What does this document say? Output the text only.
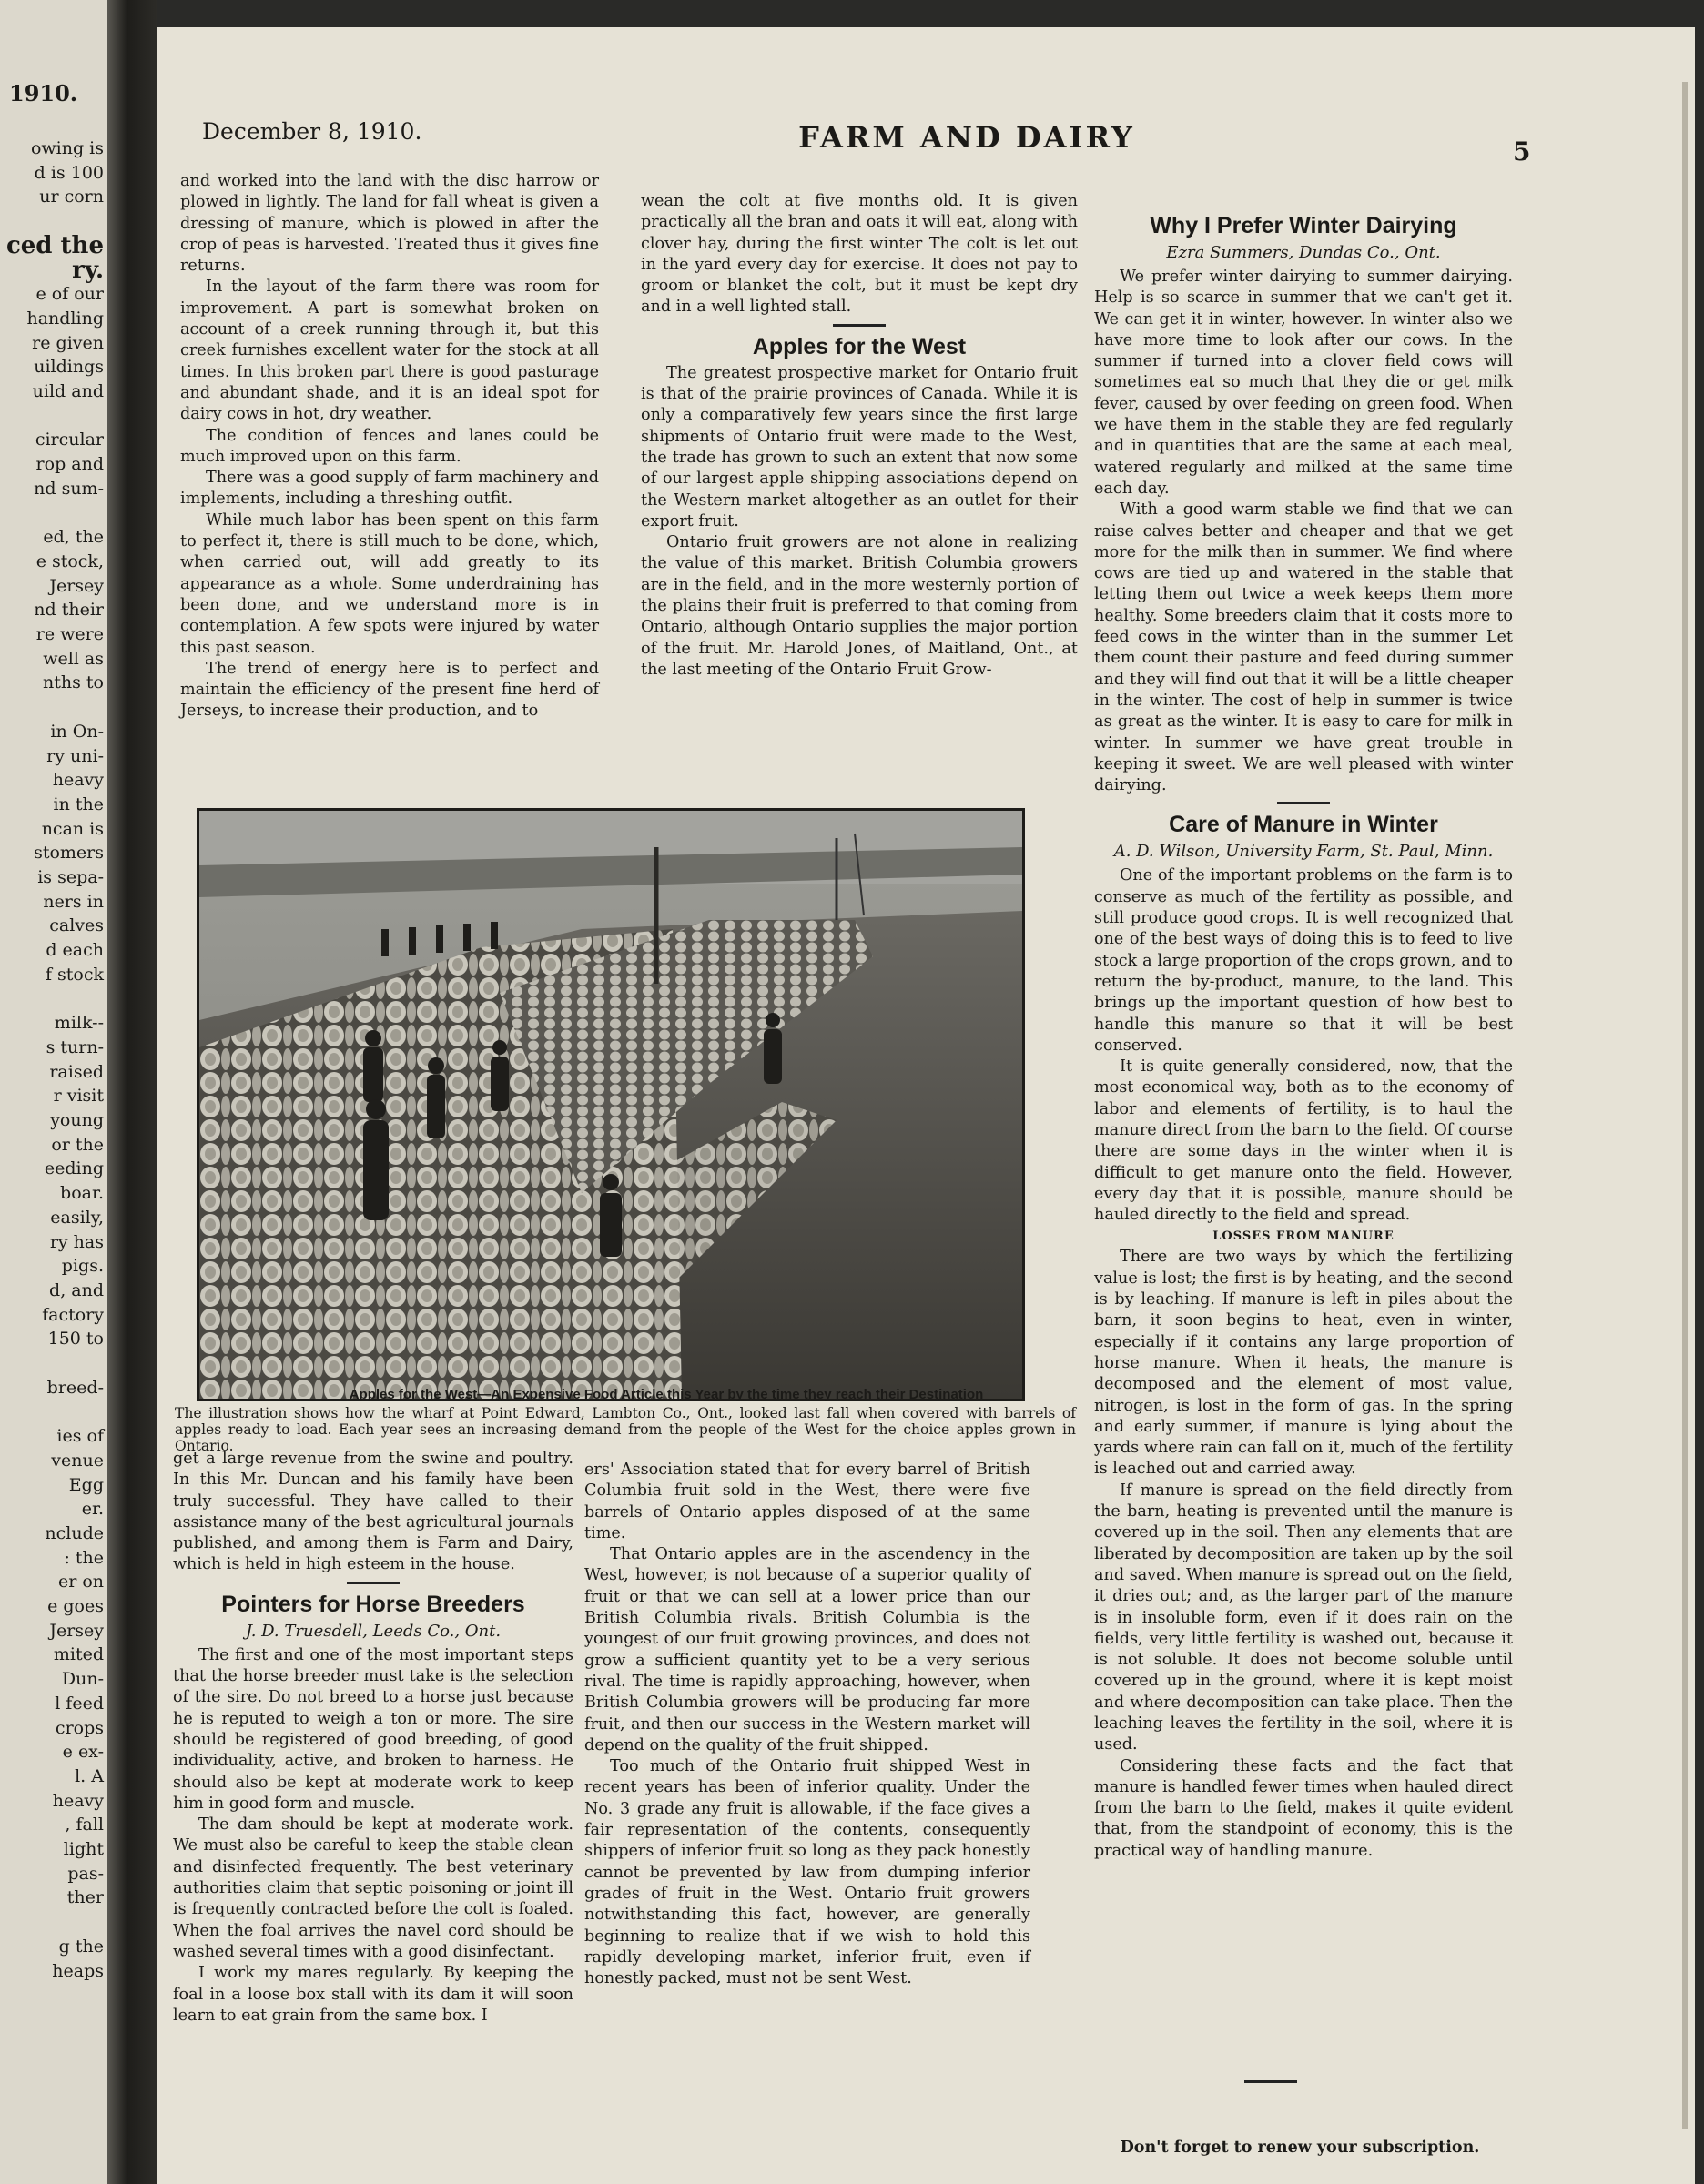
1910.
owing is
d is 100
ur corn
ced the
ry.
e of our
handling
re given
uildings
uild and
circular
rop and
nd sum-
ed, the
e stock,
Jersey
nd their
re were
well as
nths to
in On-
ry uni-
heavy
in the
ncan is
stomers
is sepa-
ners in
calves
d each
f stock
milk--
s turn-
raised
r visit
young
or the
eeding
boar.
easily,
ry has
pigs.
d, and
factory
150 to
breed-
ies of
venue
Egg
er.
nclude
: the
er on
e goes
Jersey
mited
Dun-
l feed
crops
e ex-
l. A
heavy
, fall
light
pas-
ther
g the
heaps
December 8, 1910.	FARM AND DAIRY	5

and worked into the land with the disc harrow or plowed in lightly. The land for fall wheat is given a dressing of manure, which is plowed in after the crop of peas is harvested. Treated thus it gives fine returns.

In the layout of the farm there was room for improvement. A part is somewhat broken on account of a creek running through it, but this creek furnishes excellent water for the stock at all times. In this broken part there is good pasturage and abundant shade, and it is an ideal spot for dairy cows in hot, dry weather.

The condition of fences and lanes could be much improved upon on this farm.

There was a good supply of farm machinery and implements, including a threshing outfit.

While much labor has been spent on this farm to perfect it, there is still much to be done, which, when carried out, will add greatly to its appearance as a whole. Some underdraining has been done, and we understand more is in contemplation. A few spots were injured by water this past season.

The trend of energy here is to perfect and maintain the efficiency of the present fine herd of Jerseys, to increase their production, and to

wean the colt at five months old. It is given practically all the bran and oats it will eat, along with clover hay, during the first winter The colt is let out in the yard every day for exercise. It does not pay to groom or blanket the colt, but it must be kept dry and in a well lighted stall.

Apples for the West

The greatest prospective market for Ontario fruit is that of the prairie provinces of Canada. While it is only a comparatively few years since the first large shipments of Ontario fruit were made to the West, the trade has grown to such an extent that now some of our largest apple shipping associations depend on the Western market altogether as an outlet for their export fruit.

Ontario fruit growers are not alone in realizing the value of this market. British Columbia growers are in the field, and in the more westernly portion of the plains their fruit is preferred to that coming from Ontario, although Ontario supplies the major portion of the fruit. Mr. Harold Jones, of Maitland, Ont., at the last meeting of the Ontario Fruit Grow-

Why I Prefer Winter Dairying
Ezra Summers, Dundas Co., Ont.

We prefer winter dairying to summer dairying. Help is so scarce in summer that we can't get it. We can get it in winter, however. In winter also we have more time to look after our cows. In the summer if turned into a clover field cows will sometimes eat so much that they die or get milk fever, caused by over feeding on green food. When we have them in the stable they are fed regularly and in quantities that are the same at each meal, watered regularly and milked at the same time each day.

With a good warm stable we find that we can raise calves better and cheaper and that we get more for the milk than in summer. We find where cows are tied up and watered in the stable that letting them out twice a week keeps them more healthy. Some breeders claim that it costs more to feed cows in the winter than in the summer Let them count their pasture and feed during summer and they will find out that it will be a little cheaper in the winter. The cost of help in summer is twice as great as the winter. It is easy to care for milk in winter. In summer we have great trouble in keeping it sweet. We are well pleased with winter dairying.

Care of Manure in Winter
A. D. Wilson, University Farm, St. Paul, Minn.

One of the important problems on the farm is to conserve as much of the fertility as possible, and still produce good crops. It is well recognized that one of the best ways of doing this is to feed to live stock a large proportion of the crops grown, and to return the by-product, manure, to the land. This brings up the important question of how best to handle this manure so that it will be best conserved.

It is quite generally considered, now, that the most economical way, both as to the economy of labor and elements of fertility, is to haul the manure direct from the barn to the field. Of course there are some days in the winter when it is difficult to get manure onto the field. However, every day that it is possible, manure should be hauled directly to the field and spread.

LOSSES FROM MANURE

There are two ways by which the fertilizing value is lost; the first is by heating, and the second is by leaching. If manure is left in piles about the barn, it soon begins to heat, even in winter, especially if it contains any large proportion of horse manure. When it heats, the manure is decomposed and the element of most value, nitrogen, is lost in the form of gas. In the spring and early summer, if manure is lying about the yards where rain can fall on it, much of the fertility is leached out and carried away.

If manure is spread on the field directly from the barn, heating is prevented until the manure is covered up in the soil. Then any elements that are liberated by decomposition are taken up by the soil and saved. When manure is spread out on the field, it dries out; and, as the larger part of the manure is in insoluble form, even if it does rain on the fields, very little fertility is washed out, because it is not soluble. It does not become soluble until covered up in the ground, where it is kept moist and where decomposition can take place. Then the leaching leaves the fertility in the soil, where it is used.

Considering these facts and the fact that manure is handled fewer times when hauled direct from the barn to the field, makes it quite evident that, from the standpoint of economy, this is the practical way of handling manure.

Apples for the West—An Expensive Food Article this Year by the time they reach their Destination
The illustration shows how the wharf at Point Edward, Lambton Co., Ont., looked last fall when covered with barrels of apples ready to load. Each year sees an increasing demand from the people of the West for the choice apples grown in Ontario.

get a large revenue from the swine and poultry. In this Mr. Duncan and his family have been truly successful. They have called to their assistance many of the best agricultural journals published, and among them is Farm and Dairy, which is held in high esteem in the house.

Pointers for Horse Breeders
J. D. Truesdell, Leeds Co., Ont.

The first and one of the most important steps that the horse breeder must take is the selection of the sire. Do not breed to a horse just because he is reputed to weigh a ton or more. The sire should be registered of good breeding, of good individuality, active, and broken to harness. He should also be kept at moderate work to keep him in good form and muscle.

The dam should be kept at moderate work. We must also be careful to keep the stable clean and disinfected frequently. The best veterinary authorities claim that septic poisoning or joint ill is frequently contracted before the colt is foaled. When the foal arrives the navel cord should be washed several times with a good disinfectant.

I work my mares regularly. By keeping the foal in a loose box stall with its dam it will soon learn to eat grain from the same box. I

ers' Association stated that for every barrel of British Columbia fruit sold in the West, there were five barrels of Ontario apples disposed of at the same time.

That Ontario apples are in the ascendency in the West, however, is not because of a superior quality of fruit or that we can sell at a lower price than our British Columbia rivals. British Columbia is the youngest of our fruit growing provinces, and does not grow a sufficient quantity yet to be a very serious rival. The time is rapidly approaching, however, when British Columbia growers will be producing far more fruit, and then our success in the Western market will depend on the quality of the fruit shipped.

Too much of the Ontario fruit shipped West in recent years has been of inferior quality. Under the No. 3 grade any fruit is allowable, if the face gives a fair representation of the contents, consequently shippers of inferior fruit so long as they pack honestly cannot be prevented by law from dumping inferior grades of fruit in the West. Ontario fruit growers notwithstanding this fact, however, are generally beginning to realize that if we wish to hold this rapidly developing market, inferior fruit, even if honestly packed, must not be sent West.

Don't forget to renew your subscription.
